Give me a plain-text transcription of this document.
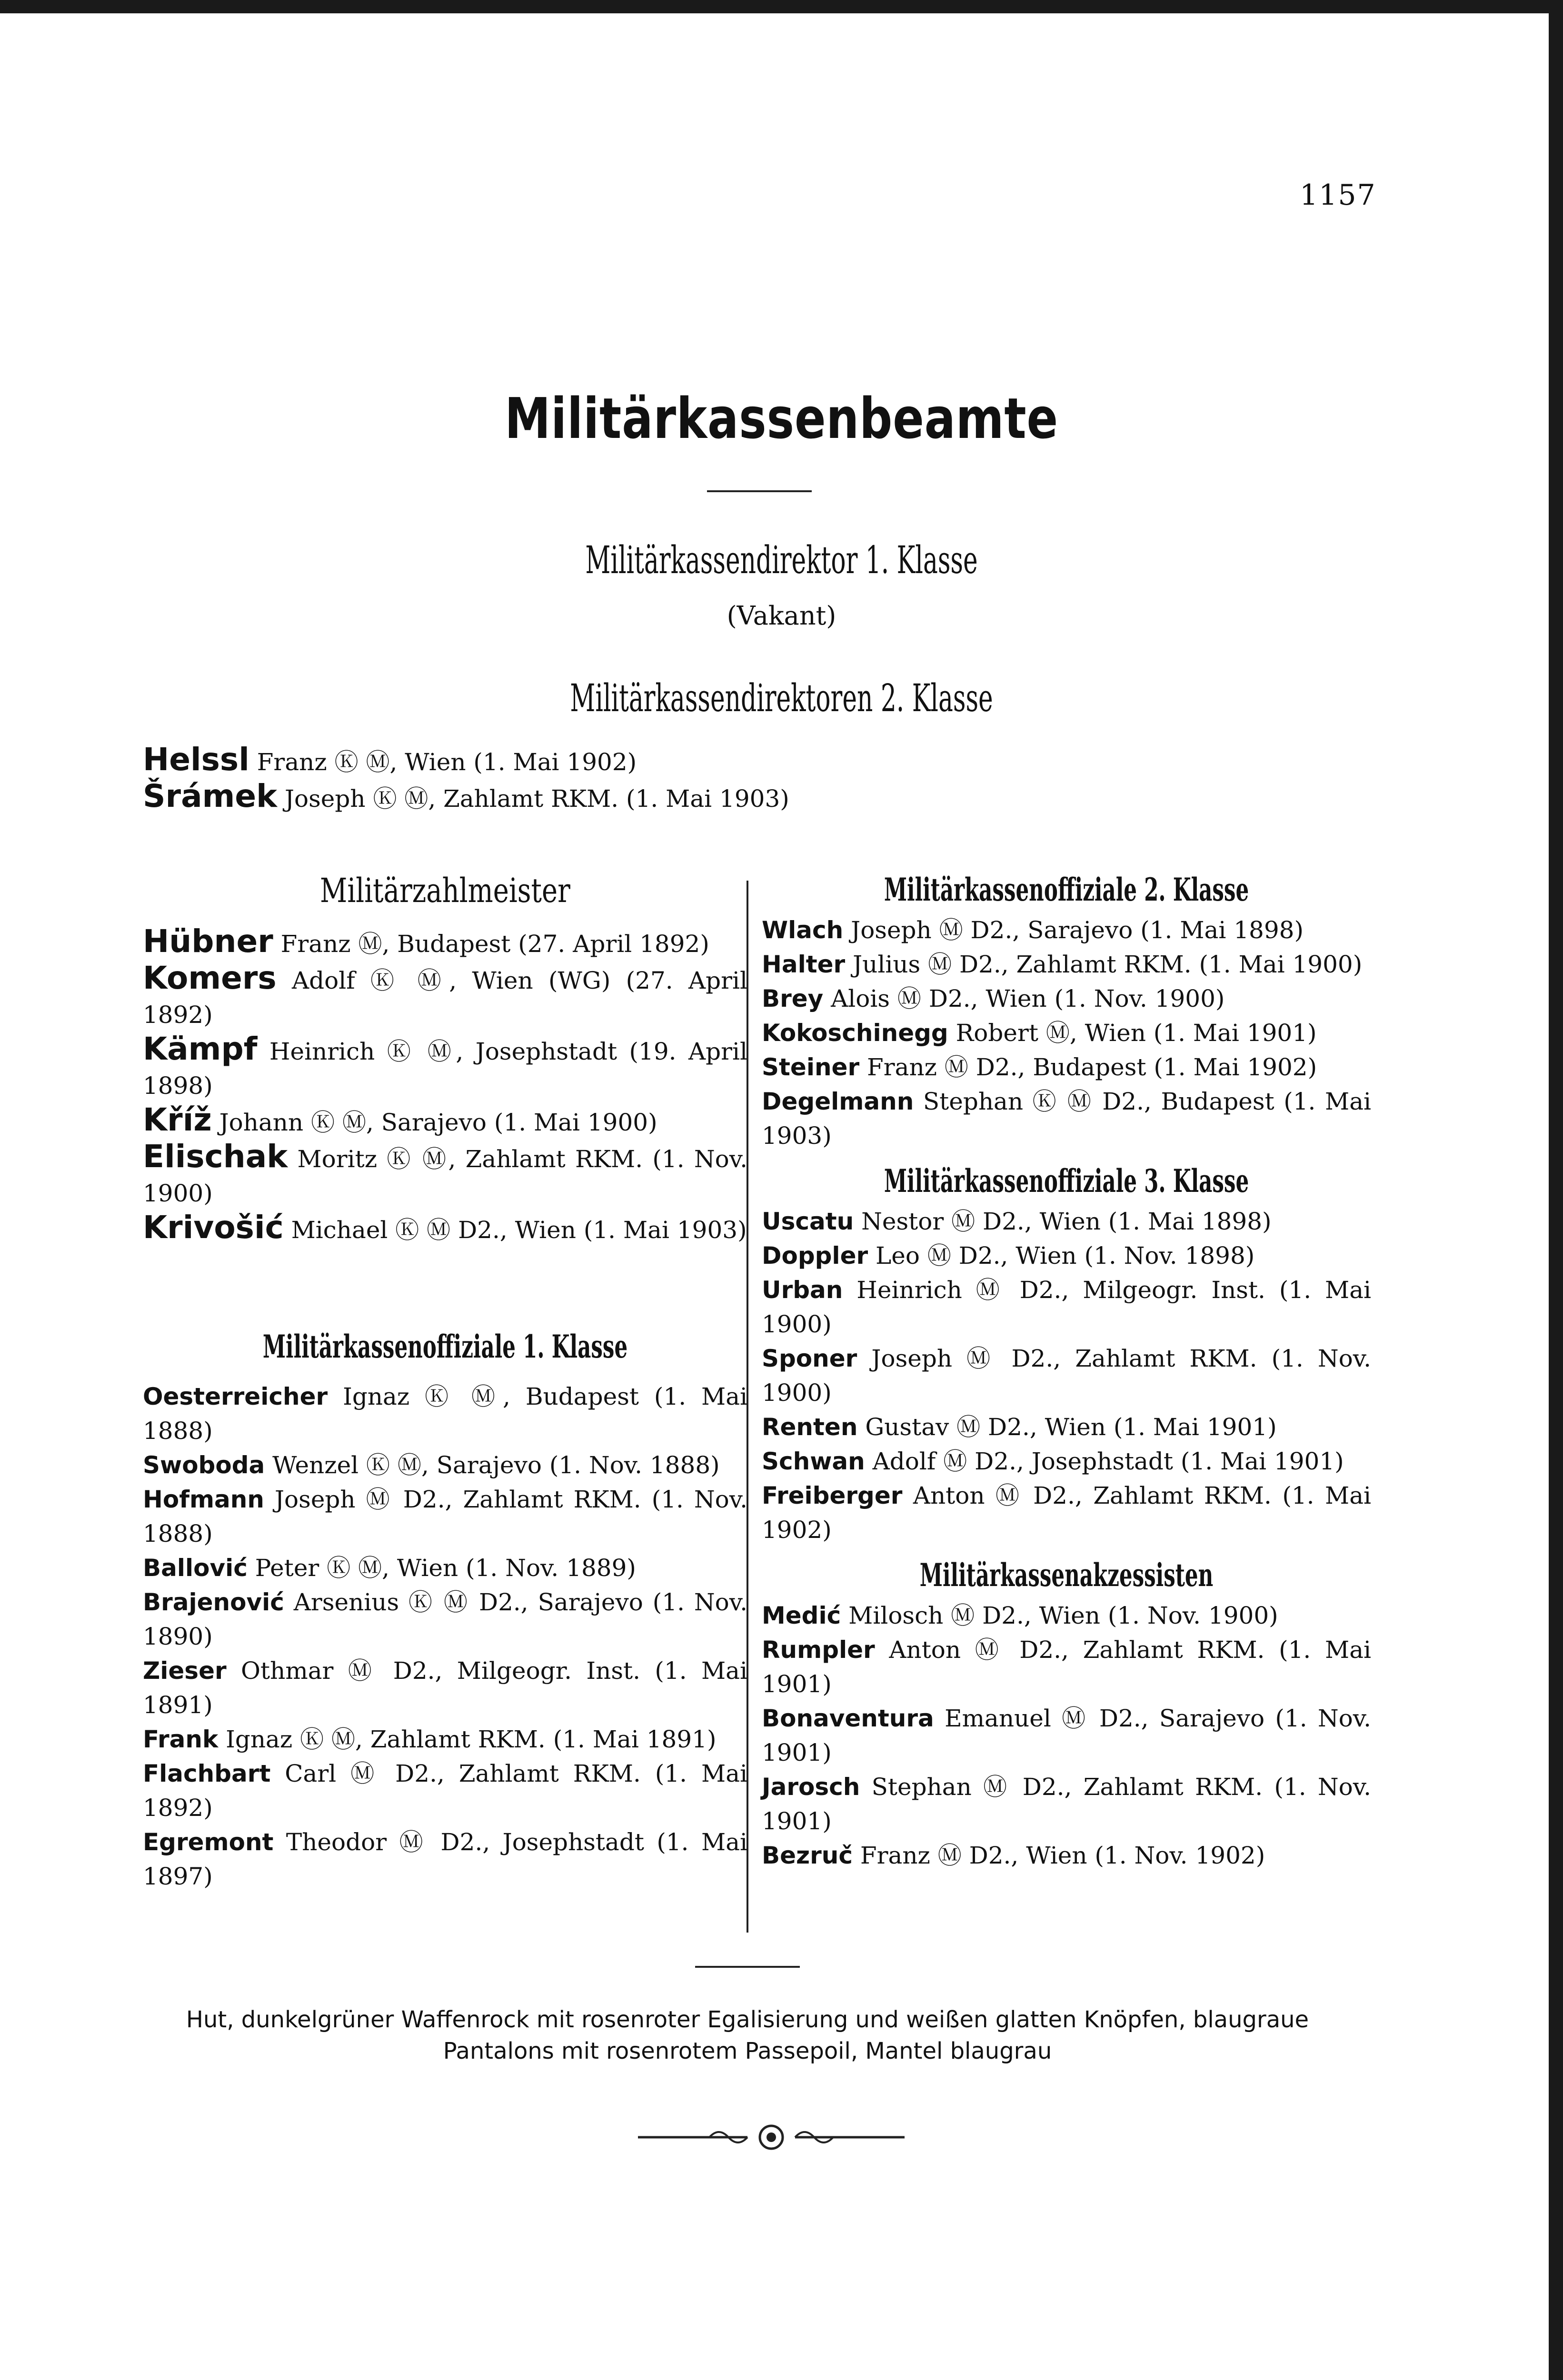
1157
Militärkassenbeamte
Militärkassendirektor 1. Klasse
(Vakant)
Militärkassendirektoren 2. Klasse
Helssl Franz Ⓚ Ⓜ, Wien (1. Mai 1902)
Šrámek Joseph Ⓚ Ⓜ, Zahlamt RKM. (1. Mai 1903)
Militärzahlmeister
Hübner Franz Ⓜ, Budapest (27. April 1892)
Komers Adolf Ⓚ Ⓜ, Wien (WG) (27. April 1892)
Kämpf Heinrich Ⓚ Ⓜ, Josephstadt (19. April 1898)
Kříž Johann Ⓚ Ⓜ, Sarajevo (1. Mai 1900)
Elischak Moritz Ⓚ Ⓜ, Zahlamt RKM. (1. Nov. 1900)
Krivošić Michael Ⓚ Ⓜ D2., Wien (1. Mai 1903)
Militärkassenoffiziale 1. Klasse
Oesterreicher Ignaz Ⓚ Ⓜ, Budapest (1. Mai 1888)
Swoboda Wenzel Ⓚ Ⓜ, Sarajevo (1. Nov. 1888)
Hofmann Joseph Ⓜ D2., Zahlamt RKM. (1. Nov. 1888)
Ballović Peter Ⓚ Ⓜ, Wien (1. Nov. 1889)
Brajenović Arsenius Ⓚ Ⓜ D2., Sarajevo (1. Nov. 1890)
Zieser Othmar Ⓜ D2., Milgeogr. Inst. (1. Mai 1891)
Frank Ignaz Ⓚ Ⓜ, Zahlamt RKM. (1. Mai 1891)
Flachbart Carl Ⓜ D2., Zahlamt RKM. (1. Mai 1892)
Egremont Theodor Ⓜ D2., Josephstadt (1. Mai 1897)
Militärkassenoffiziale 2. Klasse
Wlach Joseph Ⓜ D2., Sarajevo (1. Mai 1898)
Halter Julius Ⓜ D2., Zahlamt RKM. (1. Mai 1900)
Brey Alois Ⓜ D2., Wien (1. Nov. 1900)
Kokoschinegg Robert Ⓜ, Wien (1. Mai 1901)
Steiner Franz Ⓜ D2., Budapest (1. Mai 1902)
Degelmann Stephan Ⓚ Ⓜ D2., Budapest (1. Mai 1903)
Militärkassenoffiziale 3. Klasse
Uscatu Nestor Ⓜ D2., Wien (1. Mai 1898)
Doppler Leo Ⓜ D2., Wien (1. Nov. 1898)
Urban Heinrich Ⓜ D2., Milgeogr. Inst. (1. Mai 1900)
Sponer Joseph Ⓜ D2., Zahlamt RKM. (1. Nov. 1900)
Renten Gustav Ⓜ D2., Wien (1. Mai 1901)
Schwan Adolf Ⓜ D2., Josephstadt (1. Mai 1901)
Freiberger Anton Ⓜ D2., Zahlamt RKM. (1. Mai 1902)
Militärkassenakzessisten
Medić Milosch Ⓜ D2., Wien (1. Nov. 1900)
Rumpler Anton Ⓜ D2., Zahlamt RKM. (1. Mai 1901)
Bonaventura Emanuel Ⓜ D2., Sarajevo (1. Nov. 1901)
Jarosch Stephan Ⓜ D2., Zahlamt RKM. (1. Nov. 1901)
Bezruč Franz Ⓜ D2., Wien (1. Nov. 1902)
Hut, dunkelgrüner Waffenrock mit rosenroter Egalisierung und weißen glatten Knöpfen, blaugraue Pantalons mit rosenrotem Passepoil, Mantel blaugrau
